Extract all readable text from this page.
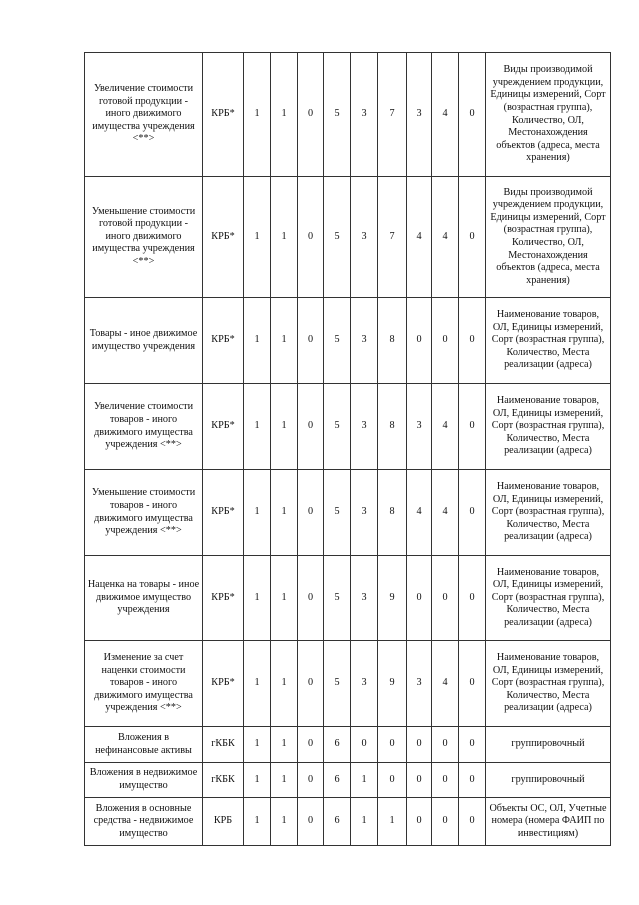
Увеличение стоимости готовой продукции - иного движимого имущества учреждения <**>	КРБ*	1	1	0	5	3	7	3	4	0	Виды производимой учреждением продукции, Единицы измерений, Сорт (возрастная группа), Количество, ОЛ, Местонахождения объектов (адреса, места хранения)
Уменьшение стоимости готовой продукции - иного движимого имущества учреждения <**>	КРБ*	1	1	0	5	3	7	4	4	0	Виды производимой учреждением продукции, Единицы измерений, Сорт (возрастная группа), Количество, ОЛ, Местонахождения объектов (адреса, места хранения)
Товары - иное движимое имущество учреждения	КРБ*	1	1	0	5	3	8	0	0	0	Наименование товаров, ОЛ, Единицы измерений, Сорт (возрастная группа), Количество, Места реализации (адреса)
Увеличение стоимости товаров - иного движимого имущества учреждения <**>	КРБ*	1	1	0	5	3	8	3	4	0	Наименование товаров, ОЛ, Единицы измерений, Сорт (возрастная группа), Количество, Места реализации (адреса)
Уменьшение стоимости товаров - иного движимого имущества учреждения <**>	КРБ*	1	1	0	5	3	8	4	4	0	Наименование товаров, ОЛ, Единицы измерений, Сорт (возрастная группа), Количество, Места реализации (адреса)
Наценка на товары - иное движимое имущество учреждения	КРБ*	1	1	0	5	3	9	0	0	0	Наименование товаров, ОЛ, Единицы измерений, Сорт (возрастная группа), Количество, Места реализации (адреса)
Изменение за счет наценки стоимости товаров - иного движимого имущества учреждения <**>	КРБ*	1	1	0	5	3	9	3	4	0	Наименование товаров, ОЛ, Единицы измерений, Сорт (возрастная группа), Количество, Места реализации (адреса)
Вложения в нефинансовые активы	гКБК	1	1	0	6	0	0	0	0	0	группировочный
Вложения в недвижимое имущество	гКБК	1	1	0	6	1	0	0	0	0	группировочный
Вложения в основные средства - недвижимое имущество	КРБ	1	1	0	6	1	1	0	0	0	Объекты ОС, ОЛ, Учетные номера (номера ФАИП по инвестициям)
